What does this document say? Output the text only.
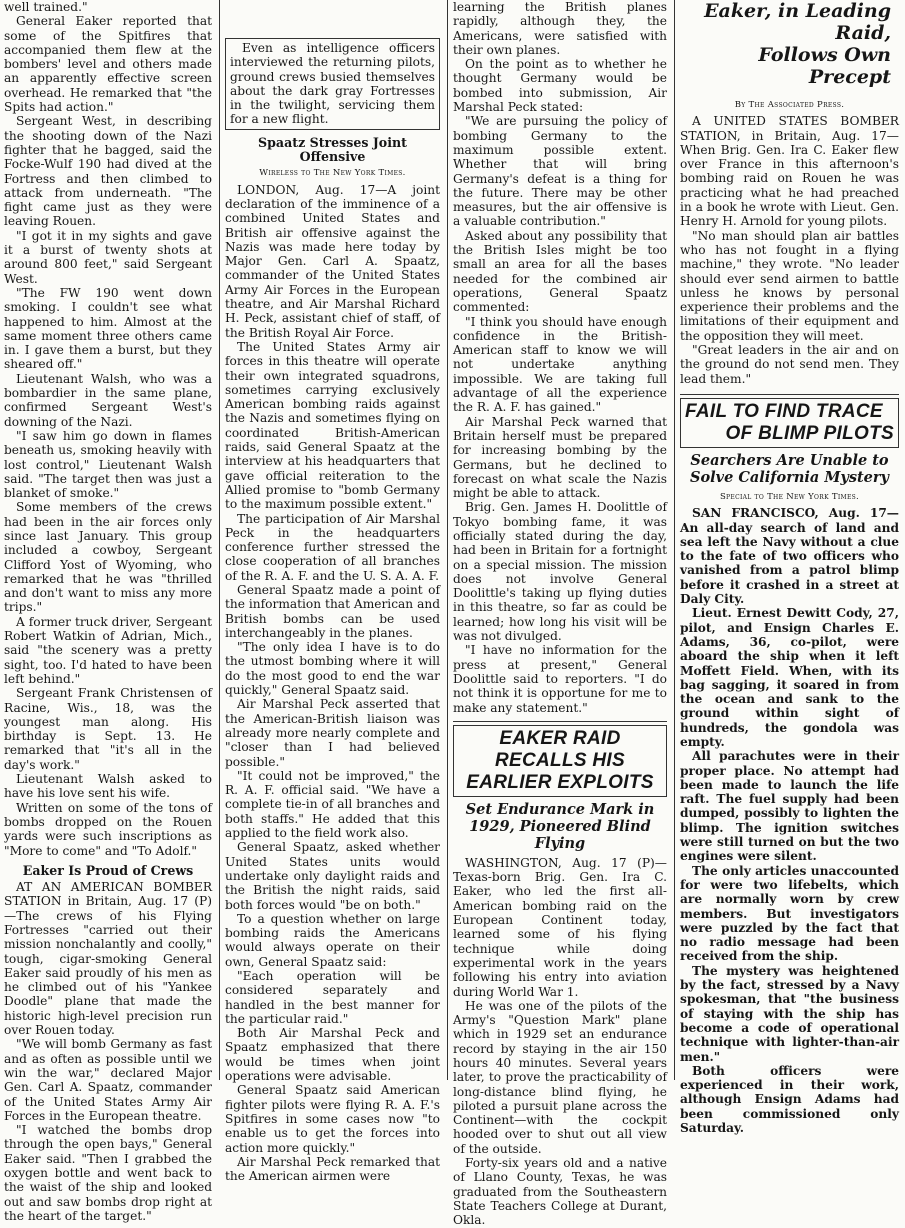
well trained."

General Eaker reported that some of the Spitfires that accompanied them flew at the bombers' level and others made an apparently effective screen overhead. He remarked that "the Spits had action."

Sergeant West, in describing the shooting down of the Nazi fighter that he bagged, said the Focke-Wulf 190 had dived at the Fortress and then climbed to attack from underneath. "The fight came just as they were leaving Rouen.

"I got it in my sights and gave it a burst of twenty shots at around 800 feet," said Sergeant West.

"The FW 190 went down smoking. I couldn't see what happened to him. Almost at the same moment three others came in. I gave them a burst, but they sheared off."

Lieutenant Walsh, who was a bombardier in the same plane, confirmed Sergeant West's downing of the Nazi.

"I saw him go down in flames beneath us, smoking heavily with lost control," Lieutenant Walsh said. "The target then was just a blanket of smoke."

Some members of the crews had been in the air forces only since last January. This group included a cowboy, Sergeant Clifford Yost of Wyoming, who remarked that he was "thrilled and don't want to miss any more trips."

A former truck driver, Sergeant Robert Watkin of Adrian, Mich., said "the scenery was a pretty sight, too. I'd hated to have been left behind."

Sergeant Frank Christensen of Racine, Wis., 18, was the youngest man along. His birthday is Sept. 13. He remarked that "it's all in the day's work."

Lieutenant Walsh asked to have his love sent his wife.

Written on some of the tons of bombs dropped on the Rouen yards were such inscriptions as "More to come" and "To Adolf."

Eaker Is Proud of Crews

AT AN AMERICAN BOMBER STATION in Britain, Aug. 17 (P)—The crews of his Flying Fortresses "carried out their mission nonchalantly and coolly," tough, cigar-smoking General Eaker said proudly of his men as he climbed out of his "Yankee Doodle" plane that made the historic high-level precision run over Rouen today.

"We will bomb Germany as fast and as often as possible until we win the war," declared Major Gen. Carl A. Spaatz, commander of the United States Army Air Forces in the European theatre.

"I watched the bombs drop through the open bays," General Eaker said. "Then I grabbed the oxygen bottle and went back to the waist of the ship and looked out and saw bombs drop right at the heart of the target."

Even as intelligence officers interviewed the returning pilots, ground crews busied themselves about the dark gray Fortresses in the twilight, servicing them for a new flight.

Spaatz Stresses Joint Offensive
Wireless to The New York Times.

LONDON, Aug. 17—A joint declaration of the imminence of a combined United States and British air offensive against the Nazis was made here today by Major Gen. Carl A. Spaatz, commander of the United States Army Air Forces in the European theatre, and Air Marshal Richard H. Peck, assistant chief of staff, of the British Royal Air Force.

The United States Army air forces in this theatre will operate their own integrated squadrons, sometimes carrying exclusively American bombing raids against the Nazis and sometimes flying on coordinated British-American raids, said General Spaatz at the interview at his headquarters that gave official reiteration to the Allied promise to "bomb Germany to the maximum possible extent."

The participation of Air Marshal Peck in the headquarters conference further stressed the close cooperation of all branches of the R. A. F. and the U. S. A. A. F.

General Spaatz made a point of the information that American and British bombs can be used interchangeably in the planes.

"The only idea I have is to do the utmost bombing where it will do the most good to end the war quickly," General Spaatz said.

Air Marshal Peck asserted that the American-British liaison was already more nearly complete and "closer than I had believed possible."

"It could not be improved," the R. A. F. official said. "We have a complete tie-in of all branches and both staffs." He added that this applied to the field work also.

General Spaatz, asked whether United States units would undertake only daylight raids and the British the night raids, said both forces would "be on both."

To a question whether on large bombing raids the Americans would always operate on their own, General Spaatz said:

"Each operation will be considered separately and handled in the best manner for the particular raid."

Both Air Marshal Peck and Spaatz emphasized that there would be times when joint operations were advisable.

General Spaatz said American fighter pilots were flying R. A. F.'s Spitfires in some cases now "to enable us to get the forces into action more quickly."

Air Marshal Peck remarked that the American airmen were

learning the British planes rapidly, although they, the Americans, were satisfied with their own planes.

On the point as to whether he thought Germany would be bombed into submission, Air Marshal Peck stated:

"We are pursuing the policy of bombing Germany to the maximum possible extent. Whether that will bring Germany's defeat is a thing for the future. There may be other measures, but the air offensive is a valuable contribution."

Asked about any possibility that the British Isles might be too small an area for all the bases needed for the combined air operations, General Spaatz commented:

"I think you should have enough confidence in the British-American staff to know we will not undertake anything impossible. We are taking full advantage of all the experience the R. A. F. has gained."

Air Marshal Peck warned that Britain herself must be prepared for increasing bombing by the Germans, but he declined to forecast on what scale the Nazis might be able to attack.

Brig. Gen. James H. Doolittle of Tokyo bombing fame, it was officially stated during the day, had been in Britain for a fortnight on a special mission. The mission does not involve General Doolittle's taking up flying duties in this theatre, so far as could be learned; how long his visit will be was not divulged.

"I have no information for the press at present," General Doolittle said to reporters. "I do not think it is opportune for me to make any statement."

EAKER RAID RECALLS HIS EARLIER EXPLOITS
Set Endurance Mark in 1929, Pioneered Blind Flying

WASHINGTON, Aug. 17 (P)—Texas-born Brig. Gen. Ira C. Eaker, who led the first all-American bombing raid on the European Continent today, learned some of his flying technique while doing experimental work in the years following his entry into aviation during World War 1.

He was one of the pilots of the Army's "Question Mark" plane which in 1929 set an endurance record by staying in the air 150 hours 40 minutes. Several years later, to prove the practicability of long-distance blind flying, he piloted a pursuit plane across the Continent—with the cockpit hooded over to shut out all view of the outside.

Forty-six years old and a native of Llano County, Texas, he was graduated from the Southeastern State Teachers College at Durant, Okla.

Eaker, in Leading Raid,
Follows Own Precept
By The Associated Press.

A UNITED STATES BOMBER STATION, in Britain, Aug. 17—When Brig. Gen. Ira C. Eaker flew over France in this afternoon's bombing raid on Rouen he was practicing what he had preached in a book he wrote with Lieut. Gen. Henry H. Arnold for young pilots.

"No man should plan air battles who has not fought in a flying machine," they wrote. "No leader should ever send airmen to battle unless he knows by personal experience their problems and the limitations of their equipment and the opposition they will meet.

"Great leaders in the air and on the ground do not send men. They lead them."

FAIL TO FIND TRACE
OF BLIMP PILOTS
Searchers Are Unable to Solve California Mystery
Special to The New York Times.

SAN FRANCISCO, Aug. 17—An all-day search of land and sea left the Navy without a clue to the fate of two officers who vanished from a patrol blimp before it crashed in a street at Daly City.

Lieut. Ernest Dewitt Cody, 27, pilot, and Ensign Charles E. Adams, 36, co-pilot, were aboard the ship when it left Moffett Field. When, with its bag sagging, it soared in from the ocean and sank to the ground within sight of hundreds, the gondola was empty.

All parachutes were in their proper place. No attempt had been made to launch the life raft. The fuel supply had been dumped, possibly to lighten the blimp. The ignition switches were still turned on but the two engines were silent.

The only articles unaccounted for were two lifebelts, which are normally worn by crew members. But investigators were puzzled by the fact that no radio message had been received from the ship.

The mystery was heightened by the fact, stressed by a Navy spokesman, that "the business of staying with the ship has become a code of operational technique with lighter-than-air men."

Both officers were experienced in their work, although Ensign Adams had been commissioned only Saturday.
